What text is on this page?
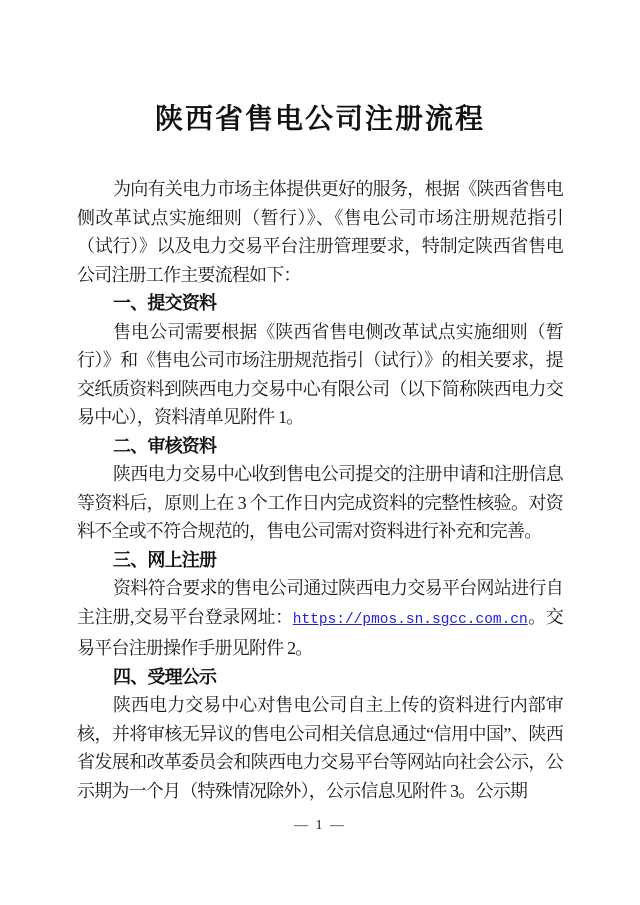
陕西省售电公司注册流程

为向有关电力市场主体提供更好的服务，根据《陕西省售电侧改革试点实施细则（暂行）》、《售电公司市场注册规范指引（试行）》以及电力交易平台注册管理要求，特制定陕西省售电公司注册工作主要流程如下：

一、提交资料

售电公司需要根据《陕西省售电侧改革试点实施细则（暂行）》和《售电公司市场注册规范指引（试行）》的相关要求，提交纸质资料到陕西电力交易中心有限公司（以下简称陕西电力交易中心），资料清单见附件 1。

二、审核资料

陕西电力交易中心收到售电公司提交的注册申请和注册信息等资料后，原则上在 3 个工作日内完成资料的完整性核验。对资料不全或不符合规范的，售电公司需对资料进行补充和完善。

三、网上注册

资料符合要求的售电公司通过陕西电力交易平台网站进行自主注册,交易平台登录网址：https://pmos.sn.sgcc.com.cn。交易平台注册操作手册见附件 2。

四、受理公示

陕西电力交易中心对售电公司自主上传的资料进行内部审核，并将审核无异议的售电公司相关信息通过“信用中国”、陕西省发展和改革委员会和陕西电力交易平台等网站向社会公示，公示期为一个月（特殊情况除外），公示信息见附件 3。公示期

— 1 —
